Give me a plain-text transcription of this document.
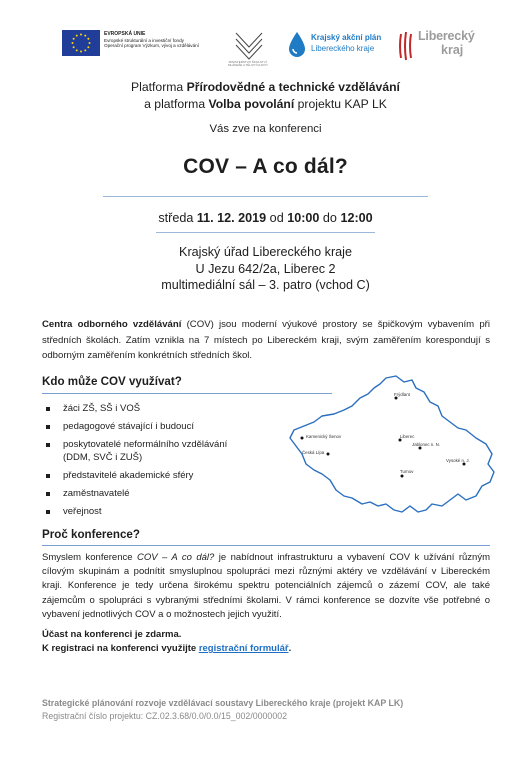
EVROPSKÁ UNIE
Evropské strukturální a investiční fondy
Operační program Výzkum, vývoj a vzdělávání
MINISTERSTVO ŠKOLSTVÍ, MLÁDEŽE A TĚLOVÝCHOVY
Krajský akční plán
Libereckého kraje
Liberecký
kraj
Platforma Přírodovědné a technické vzdělávání
a platforma Volba povolání projektu KAP LK
Vás zve na konferenci
COV – A co dál?
středa 11. 12. 2019 od 10:00 do 12:00
Krajský úřad Libereckého kraje
U Jezu 642/2a, Liberec 2
multimediální sál – 3. patro (vchod C)
Centra odborného vzdělávání (COV) jsou moderní výukové prostory se špičkovým vybavením při středních školách. Zatím vznikla na 7 místech po Libereckém kraji, svým zaměřením korespondují s odborným zaměřením konkrétních středních škol.
Kdo může COV využívat?
žáci ZŠ, SŠ i VOŠ
pedagogové stávající i budoucí
poskytovatelé neformálního vzdělávání (DDM, SVČ i ZUŠ)
představitelé akademické sféry
zaměstnavatelé
veřejnost
Frýdlant
Liberec
Jablonec n. N.
Kamenický Šenov
Česká Lípa
Vysoké n. J.
Turnov
Proč konference?
Smyslem konference COV – A co dál? je nabídnout infrastrukturu a vybavení COV k užívání různým cílovým skupinám a podnítit smysluplnou spolupráci mezi různými aktéry ve vzdělávání v Libereckém kraji. Konference je tedy určena širokému spektru potenciálních zájemců o zázemí COV, ale také zájemcům o spolupráci s vybranými středními školami. V rámci konference se dozvíte vše potřebné o vybavení jednotlivých COV a o možnostech jejich využití.
Účast na konferenci je zdarma.
K registraci na konferenci využijte registrační formulář.
Strategické plánování rozvoje vzdělávací soustavy Libereckého kraje (projekt KAP LK)
Registrační číslo projektu: CZ.02.3.68/0.0/0.0/15_002/0000002
